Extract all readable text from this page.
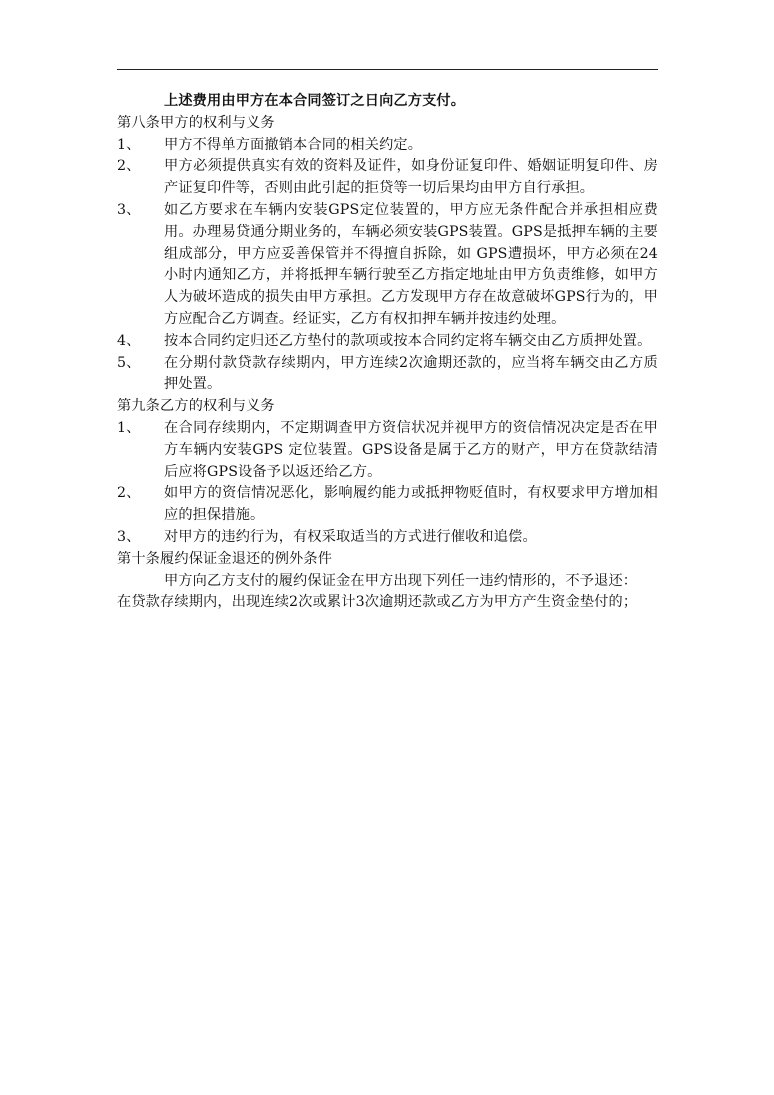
上述费用由甲方在本合同签订之日向乙方支付。
第八条甲方的权利与义务
1、 甲方不得单方面撤销本合同的相关约定。
2、 甲方必须提供真实有效的资料及证件，如身份证复印件、婚姻证明复印件、房产证复印件等，否则由此引起的拒贷等一切后果均由甲方自行承担。
3、 如乙方要求在车辆内安装GPS定位装置的，甲方应无条件配合并承担相应费用。办理易贷通分期业务的，车辆必须安装GPS装置。GPS是抵押车辆的主要组成部分，甲方应妥善保管并不得擅自拆除，如 GPS遭损坏，甲方必须在24小时内通知乙方，并将抵押车辆行驶至乙方指定地址由甲方负责维修，如甲方人为破坏造成的损失由甲方承担。乙方发现甲方存在故意破坏GPS行为的，甲方应配合乙方调查。经证实，乙方有权扣押车辆并按违约处理。
4、 按本合同约定归还乙方垫付的款项或按本合同约定将车辆交由乙方质押处置。
5、 在分期付款贷款存续期内，甲方连续2次逾期还款的，应当将车辆交由乙方质押处置。
第九条乙方的权利与义务
1、 在合同存续期内，不定期调查甲方资信状况并视甲方的资信情况决定是否在甲方车辆内安装GPS 定位装置。GPS设备是属于乙方的财产，甲方在贷款结清后应将GPS设备予以返还给乙方。
2、 如甲方的资信情况恶化，影响履约能力或抵押物贬值时，有权要求甲方增加相应的担保措施。
3、 对甲方的违约行为，有权采取适当的方式进行催收和追偿。
第十条履约保证金退还的例外条件
甲方向乙方支付的履约保证金在甲方出现下列任一违约情形的，不予退还：
在贷款存续期内，出现连续2次或累计3次逾期还款或乙方为甲方产生资金垫付的；
